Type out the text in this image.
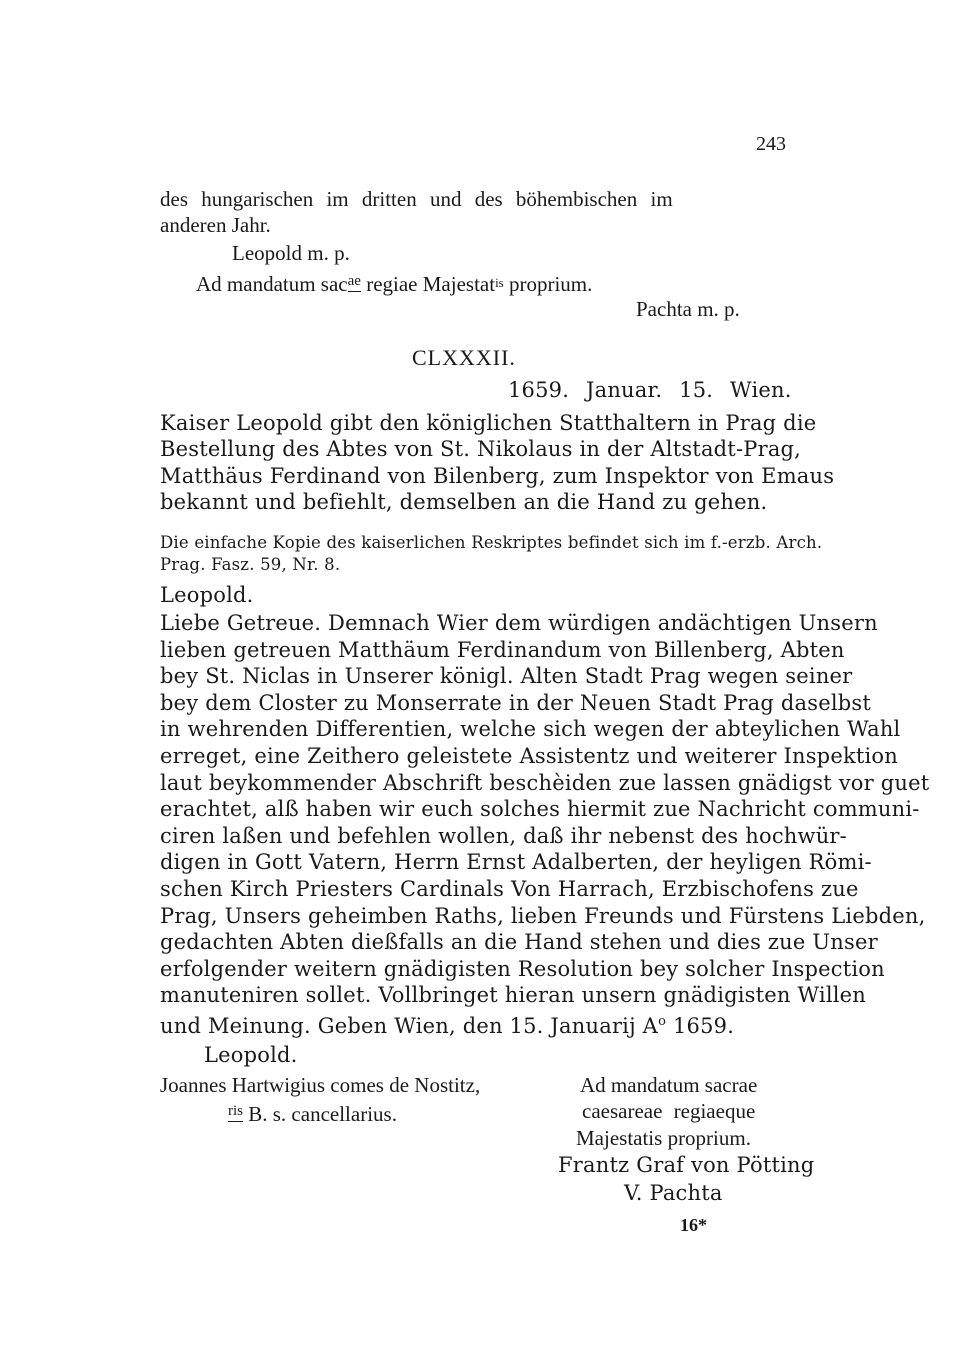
243
des hungarischen im dritten und des böhembischen im
anderen Jahr.
Leopold m. p.
Ad mandatum sac$^{ae}$ regiae Majestatis proprium.
Pachta m. p.
CLXXXII.
1659. Januar. 15. Wien.
Kaiser Leopold gibt den königlichen Statthaltern in Prag die
Bestellung des Abtes von St. Nikolaus in der Altstadt-Prag,
Matthäus Ferdinand von Bilenberg, zum Inspektor von Emaus
bekannt und befiehlt, demselben an die Hand zu gehen.
Die einfache Kopie des kaiserlichen Reskriptes befindet sich im f.-erzb. Arch.
Prag. Fasz. 59, Nr. 8.
Leopold.
Liebe Getreue. Demnach Wier dem würdigen andächtigen Unsern
lieben getreuen Matthäum Ferdinandum von Billenberg, Abten
bey St. Niclas in Unserer königl. Alten Stadt Prag wegen seiner
bey dem Closter zu Monserrate in der Neuen Stadt Prag daselbst
in wehrenden Differentien, welche sich wegen der abteylichen Wahl
erreget, eine Zeithero geleistete Assistentz und weiterer Inspektion
laut beykommender Abschrift beschèiden zue lassen gnädigst vor guet
erachtet, alß haben wir euch solches hiermit zue Nachricht communi-
ciren laßen und befehlen wollen, daß ihr nebenst des hochwür-
digen in Gott Vatern, Herrn Ernst Adalberten, der heyligen Römi-
schen Kirch Priesters Cardinals Von Harrach, Erzbischofens zue
Prag, Unsers geheimben Raths, lieben Freunds und Fürstens Liebden,
gedachten Abten dießfalls an die Hand stehen und dies zue Unser
erfolgender weitern gnädigisten Resolution bey solcher Inspection
manuteniren sollet. Vollbringet hieran unsern gnädigisten Willen
und Meinung. Geben Wien, den 15. Januarij $A^o$ 1659.
Leopold.
Joannes Hartwigius comes de Nostitz,
$^{ris}$ B. s. cancellarius.
Ad mandatum sacrae
caesareae regiaeque
Majestatis proprium.
Frantz Graf von Pötting
V. Pachta
16*
